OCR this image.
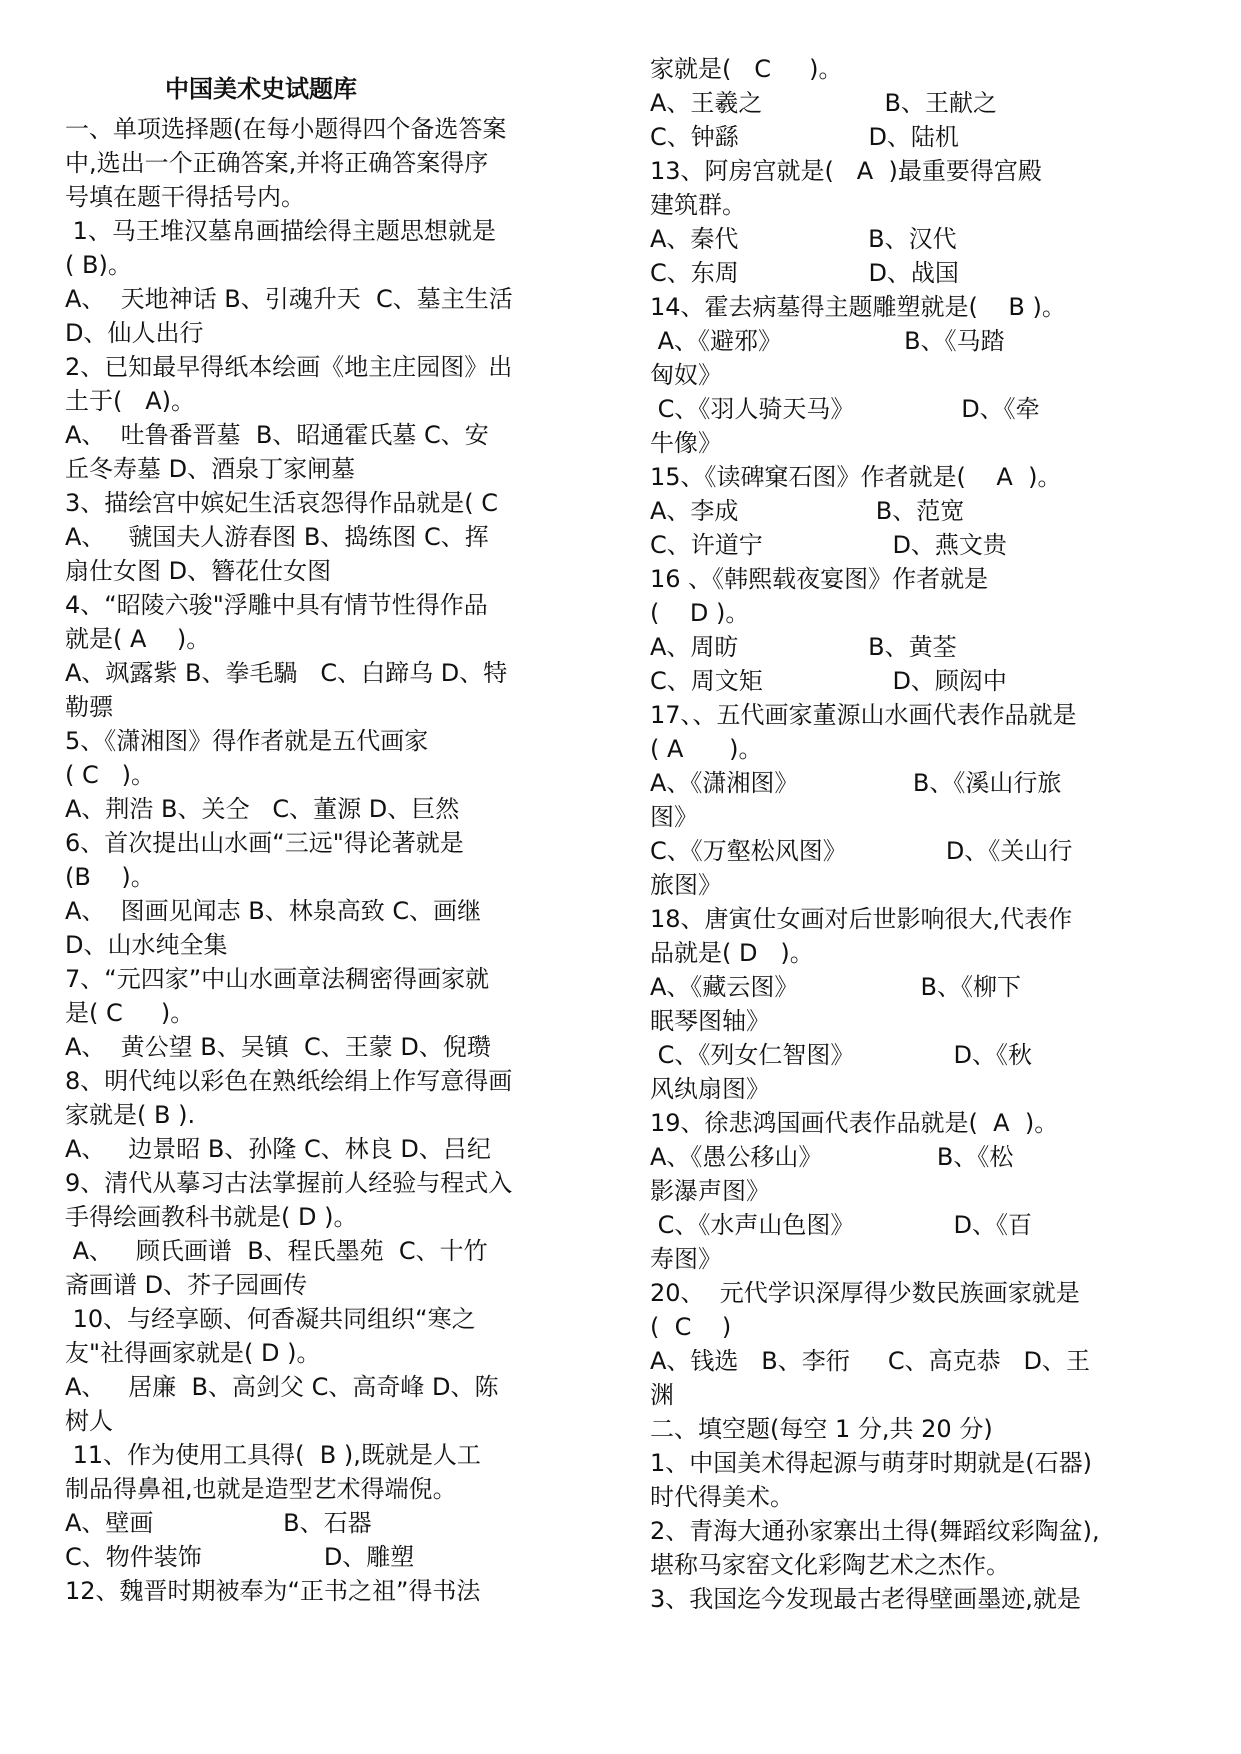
中国美术史试题库
一、单项选择题(在每小题得四个备选答案
中,选出一个正确答案,并将正确答案得序
号填在题干得括号内。
1、马王堆汉墓帛画描绘得主题思想就是
( B)。
A、  天地神话 B、引魂升天  C、墓主生活
D、仙人出行
2、已知最早得纸本绘画《地主庄园图》出
土于(   A)。
A、  吐鲁番晋墓  B、昭通霍氏墓 C、安
丘冬寿墓 D、酒泉丁家闸墓
3、描绘宫中嫔妃生活哀怨得作品就是( C
A、   虢国夫人游春图 B、捣练图 C、挥
扇仕女图 D、簪花仕女图
4、“昭陵六骏"浮雕中具有情节性得作品
就是( A    )。
A、飒露紫 B、拳毛騧   C、白蹄乌 D、特
勒骠
5、《潇湘图》得作者就是五代画家
( C   )。
A、荆浩 B、关仝   C、董源 D、巨然
6、首次提出山水画“三远"得论著就是
(B    )。
A、  图画见闻志 B、林泉高致 C、画继
D、山水纯全集
7、“元四家”中山水画章法稠密得画家就
是( C     )。
A、  黄公望 B、吴镇  C、王蒙 D、倪瓒
8、明代纯以彩色在熟纸绘绢上作写意得画
家就是( B ).
A、   边景昭 B、孙隆 C、林良 D、吕纪
9、清代从摹习古法掌握前人经验与程式入
手得绘画教科书就是( D )。
A、   顾氏画谱  B、程氏墨苑  C、十竹
斋画谱 D、芥子园画传
10、与经享颐、何香凝共同组织“寒之
友"社得画家就是( D )。
A、   居廉  B、高剑父 C、高奇峰 D、陈
树人
11、作为使用工具得(  B ),既就是人工
制品得鼻祖,也就是造型艺术得端倪。
A、壁画                 B、石器
C、物件装饰                D、雕塑
12、魏晋时期被奉为“正书之祖”得书法
家就是(   C     )。
A、王羲之                B、王献之
C、钟繇                 D、陆机
13、阿房宫就是(   A  )最重要得宫殿
建筑群。
A、秦代                 B、汉代
C、东周                 D、战国
14、霍去病墓得主题雕塑就是(    B )。
A、《避邪》                B、《马踏
匈奴》
C、《羽人骑天马》              D、《牵
牛像》
15、《读碑窠石图》作者就是(    A  )。
A、李成                  B、范宽
C、许道宁                 D、燕文贵
16 、《韩熙载夜宴图》作者就是
(    D )。
A、周昉                 B、黄荃
C、周文矩                 D、顾闳中
17、、五代画家董源山水画代表作品就是
( A      )。
A、《潇湘图》               B、《溪山行旅
图》
C、《万壑松风图》             D、《关山行
旅图》
18、唐寅仕女画对后世影响很大,代表作
品就是( D   )。
A、《藏云图》                B、《柳下
眠琴图轴》
C、《列女仁智图》             D、《秋
风纨扇图》
19、徐悲鸿国画代表作品就是(  A  )。
A、《愚公移山》               B、《松
影瀑声图》
C、《水声山色图》             D、《百
寿图》
20、  元代学识深厚得少数民族画家就是
(  C    )
A、钱选   B、李衎     C、高克恭   D、王
渊
二、填空题(每空 1 分,共 20 分)
1、中国美术得起源与萌芽时期就是(石器)
时代得美术。
2、青海大通孙家寨出土得(舞蹈纹彩陶盆),
堪称马家窑文化彩陶艺术之杰作。
3、我国迄今发现最古老得壁画墨迹,就是
